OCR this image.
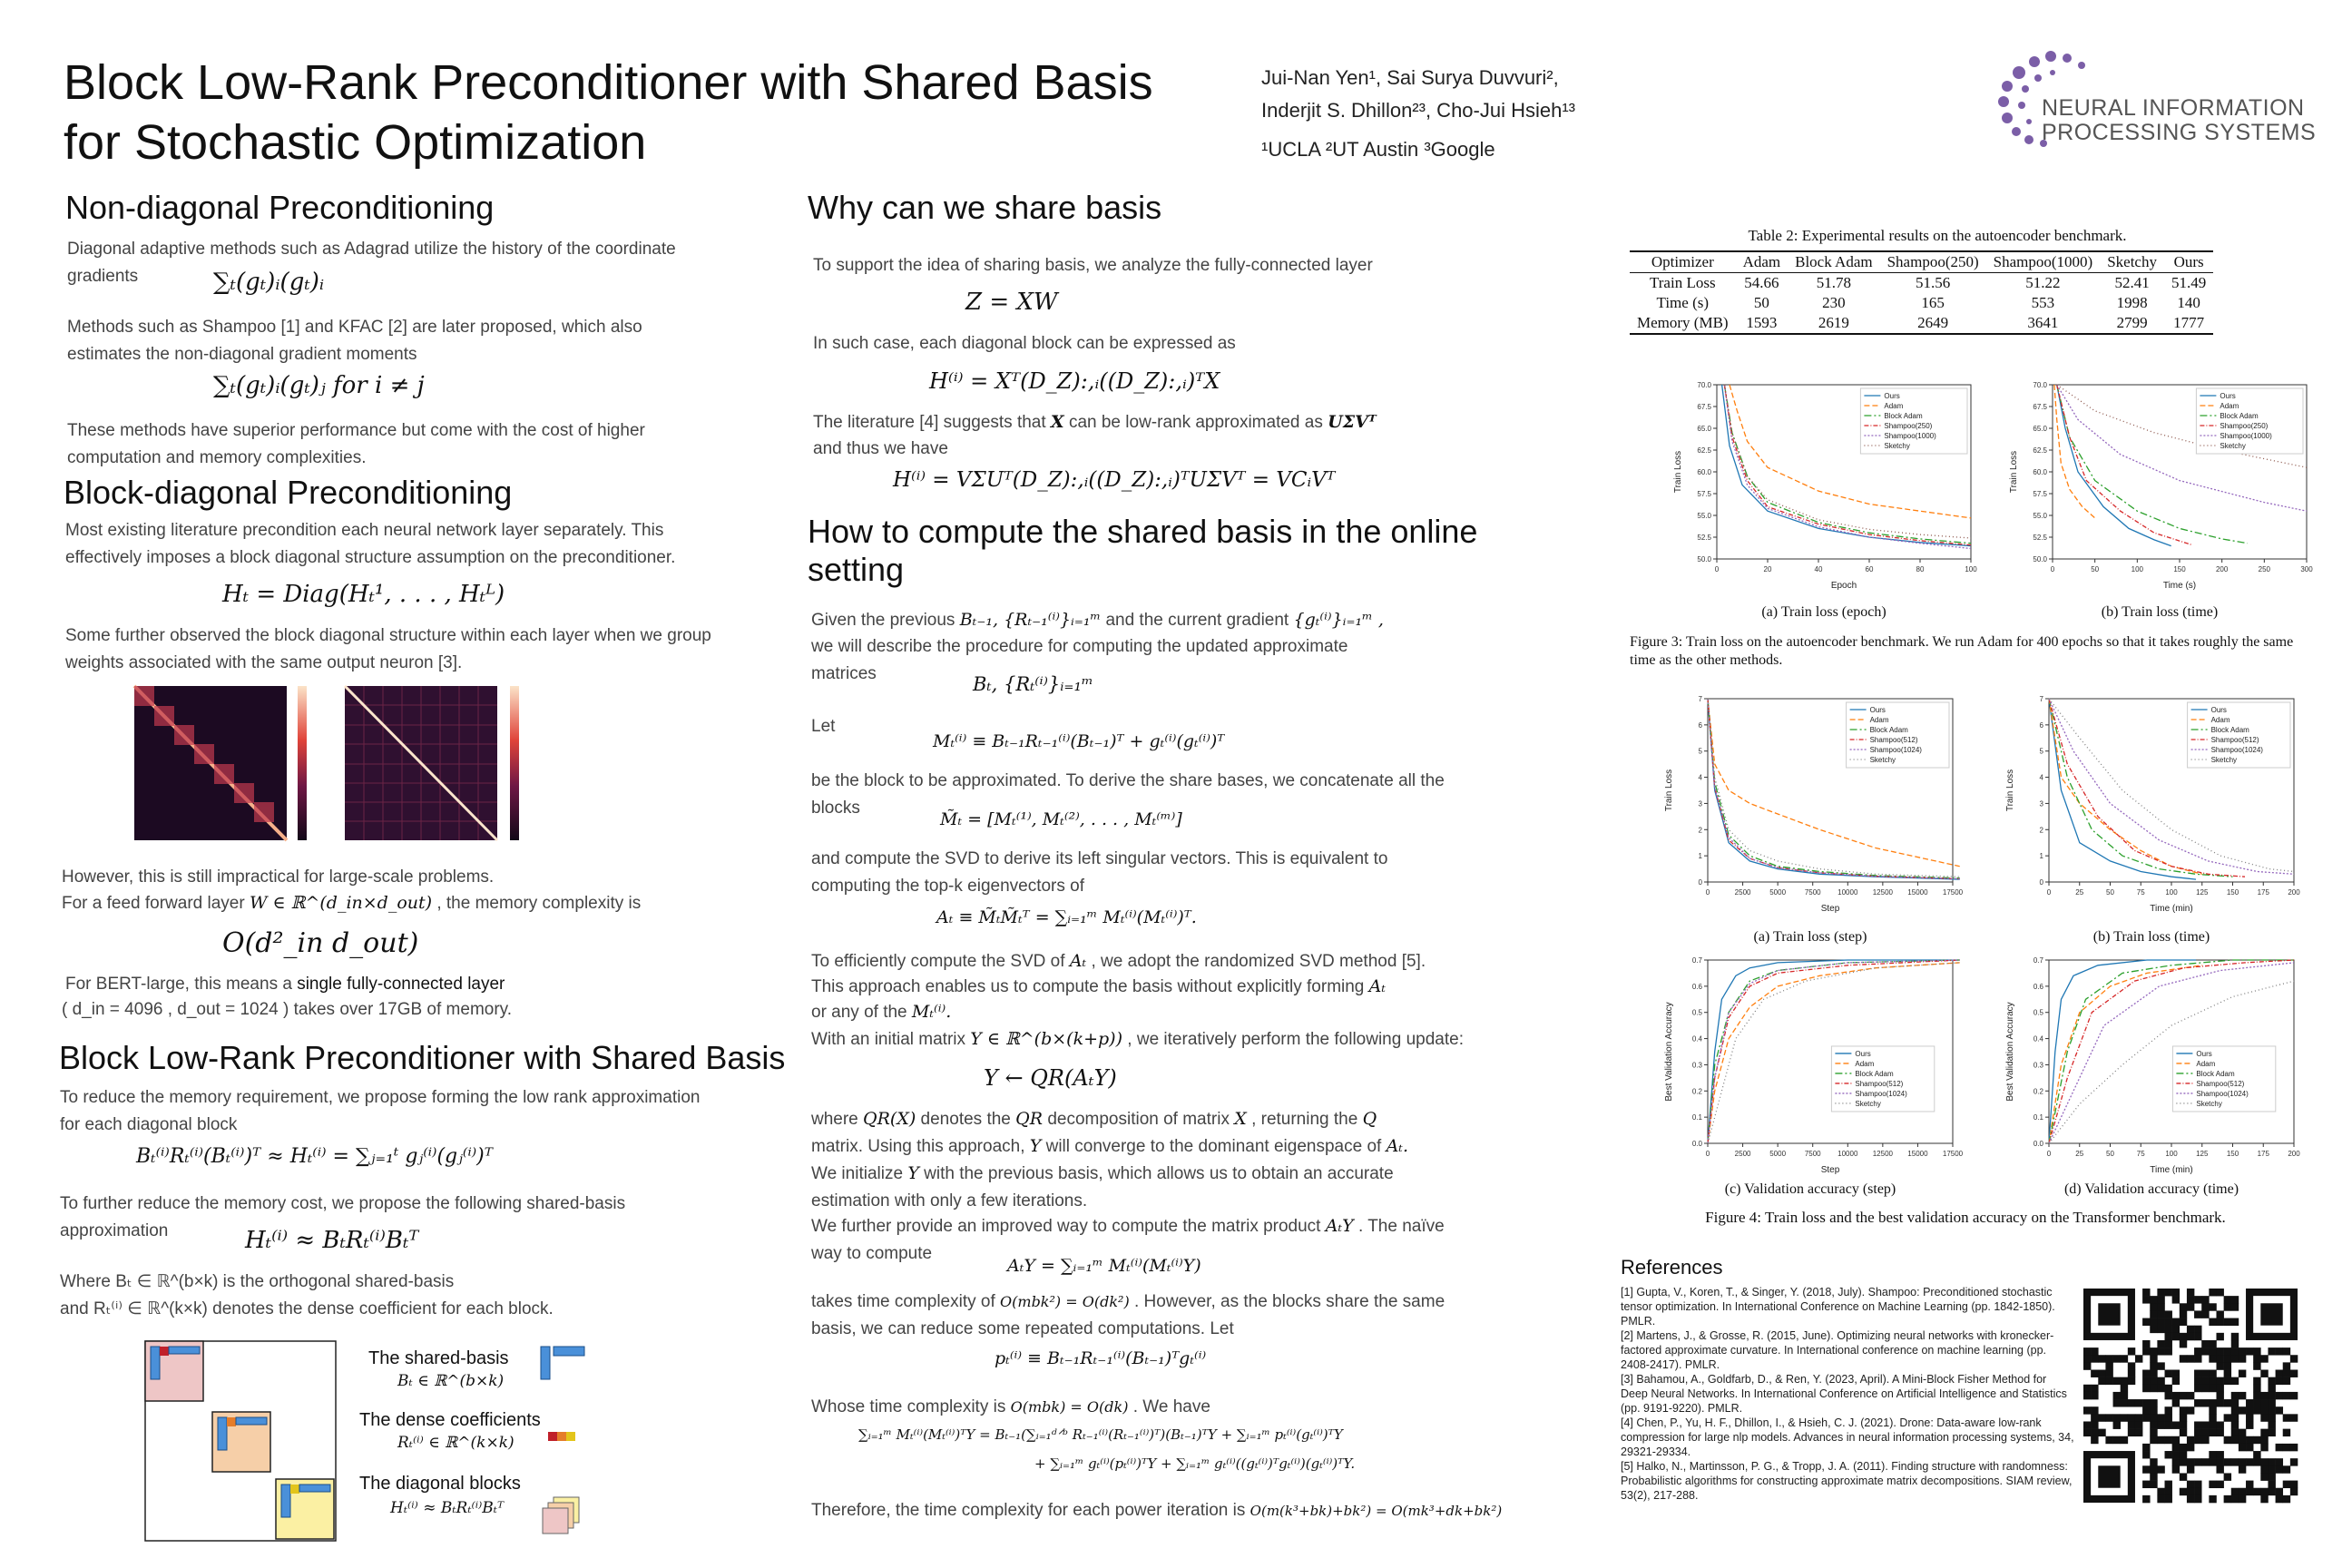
Block Low-Rank Preconditioner with Shared Basis for Stochastic Optimization
Jui-Nan Yen¹, Sai Surya Duvvuri²,
Inderjit S. Dhillon²³, Cho-Jui Hsieh¹³
¹UCLA ²UT Austin ³Google
NEURAL INFORMATION
PROCESSING SYSTEMS
Non-diagonal Preconditioning
Diagonal adaptive methods such as Adagrad utilize the history of the coordinate gradients	∑ₜ(gₜ)ᵢ(gₜ)ᵢ
Methods such as Shampoo [1] and KFAC [2] are later proposed, which also estimates the non-diagonal gradient moments
∑ₜ(gₜ)ᵢ(gₜ)ⱼ for i ≠ j
These methods have superior performance but come with the cost of higher computation and memory complexities.
Block-diagonal Preconditioning
Most existing literature precondition each neural network layer separately. This effectively imposes a block diagonal structure assumption on the preconditioner.
Hₜ = Diag(Hₜ¹, . . . , Hₜᴸ)
Some further observed the block diagonal structure within each layer when we group weights associated with the same output neuron [3].
However, this is still impractical for large-scale problems.
For a feed forward layer W ∈ ℝ^(d_in×d_out) , the memory complexity is
O(d²_in d_out)
For BERT-large, this means a single fully-connected layer
( d_in = 4096 , d_out = 1024 ) takes over 17GB of memory.
Block Low-Rank Preconditioner with Shared Basis
To reduce the memory requirement, we propose forming the low rank approximation for each diagonal block
Bₜ⁽ⁱ⁾Rₜ⁽ⁱ⁾(Bₜ⁽ⁱ⁾)ᵀ ≈ Hₜ⁽ⁱ⁾ = ∑ⱼ₌₁ᵗ gⱼ⁽ⁱ⁾(gⱼ⁽ⁱ⁾)ᵀ
To further reduce the memory cost, we propose the following shared-basis approximation	Hₜ⁽ⁱ⁾ ≈ BₜRₜ⁽ⁱ⁾Bₜᵀ
Where Bₜ ∈ ℝ^(b×k) is the orthogonal shared-basis
and Rₜ⁽ⁱ⁾ ∈ ℝ^(k×k) denotes the dense coefficient for each block.
The shared-basis
Bₜ ∈ ℝ^(b×k)
The dense coefficients
Rₜ⁽ⁱ⁾ ∈ ℝ^(k×k)
The diagonal blocks
Hₜ⁽ⁱ⁾ ≈ BₜRₜ⁽ⁱ⁾Bₜᵀ
Why can we share basis
To support the idea of sharing basis, we analyze the fully-connected layer
Z = XW
In such case, each diagonal block can be expressed as
H⁽ⁱ⁾ = Xᵀ(D_Z):,ᵢ((D_Z):,ᵢ)ᵀX
The literature [4] suggests that X can be low-rank approximated as UΣVᵀ
and thus we have
H⁽ⁱ⁾ = VΣUᵀ(D_Z):,ᵢ((D_Z):,ᵢ)ᵀUΣVᵀ = VCᵢVᵀ
How to compute the shared basis in the online setting
Given the previous Bₜ₋₁, {Rₜ₋₁⁽ⁱ⁾}ᵢ₌₁ᵐ and the current gradient {gₜ⁽ⁱ⁾}ᵢ₌₁ᵐ ,
we will describe the procedure for computing the updated approximate matrices	Bₜ, {Rₜ⁽ⁱ⁾}ᵢ₌₁ᵐ
Let
Mₜ⁽ⁱ⁾ ≡ Bₜ₋₁Rₜ₋₁⁽ⁱ⁾(Bₜ₋₁)ᵀ + gₜ⁽ⁱ⁾(gₜ⁽ⁱ⁾)ᵀ
be the block to be approximated. To derive the share bases, we concatenate all the blocks
M̃ₜ = [Mₜ⁽¹⁾, Mₜ⁽²⁾, . . . , Mₜ⁽ᵐ⁾]
and compute the SVD to derive its left singular vectors. This is equivalent to computing the top-k eigenvectors of
Aₜ ≡ M̃ₜM̃ₜᵀ = ∑ᵢ₌₁ᵐ Mₜ⁽ⁱ⁾(Mₜ⁽ⁱ⁾)ᵀ.
To efficiently compute the SVD of Aₜ , we adopt the randomized SVD method [5].
This approach enables us to compute the basis without explicitly forming Aₜ
or any of the Mₜ⁽ⁱ⁾.
With an initial matrix Y ∈ ℝ^(b×(k+p)) , we iteratively perform the following update:
Y ← QR(AₜY)
where QR(X) denotes the QR decomposition of matrix X , returning the Q
matrix. Using this approach, Y will converge to the dominant eigenspace of Aₜ.
We initialize Y with the previous basis, which allows us to obtain an accurate estimation with only a few iterations.
We further provide an improved way to compute the matrix product AₜY . The naïve way to compute
AₜY = ∑ᵢ₌₁ᵐ Mₜ⁽ⁱ⁾(Mₜ⁽ⁱ⁾Y)
takes time complexity of O(mbk²) = O(dk²) . However, as the blocks share the same basis, we can reduce some repeated computations. Let
pₜ⁽ⁱ⁾ ≡ Bₜ₋₁Rₜ₋₁⁽ⁱ⁾(Bₜ₋₁)ᵀgₜ⁽ⁱ⁾
Whose time complexity is O(mbk) = O(dk) . We have
∑ᵢ₌₁ᵐ Mₜ⁽ⁱ⁾(Mₜ⁽ⁱ⁾)ᵀY = Bₜ₋₁(∑ᵢ₌₁ᵈᐟᵇ Rₜ₋₁⁽ⁱ⁾(Rₜ₋₁⁽ⁱ⁾)ᵀ)(Bₜ₋₁)ᵀY + ∑ᵢ₌₁ᵐ pₜ⁽ⁱ⁾(gₜ⁽ⁱ⁾)ᵀY
+ ∑ᵢ₌₁ᵐ gₜ⁽ⁱ⁾(pₜ⁽ⁱ⁾)ᵀY + ∑ᵢ₌₁ᵐ gₜ⁽ⁱ⁾((gₜ⁽ⁱ⁾)ᵀgₜ⁽ⁱ⁾)(gₜ⁽ⁱ⁾)ᵀY.
Therefore, the time complexity for each power iteration is O(m(k³+bk)+bk²) = O(mk³+dk+bk²)
Table 2: Experimental results on the autoencoder benchmark.
Optimizer	Adam	Block Adam	Shampoo(250)	Shampoo(1000)	Sketchy	Ours
Train Loss	54.66	51.78	51.56	51.22	52.41	51.49
Time (s)	50	230	165	553	1998	140
Memory (MB)	1593	2619	2649	3641	2799	1777
0	20	40	60	80	100
50.0
52.5
55.0
57.5
60.0
62.5
65.0
67.5
70.0
Epoch
Train Loss
Ours
Adam
Block Adam
Shampoo(250)
Shampoo(1000)
Sketchy
0	50	100	150	200	250	300
50.0
52.5
55.0
57.5
60.0
62.5
65.0
67.5
70.0
Time (s)
Train Loss
Ours
Adam
Block Adam
Shampoo(250)
Shampoo(1000)
Sketchy
(a) Train loss (epoch)	(b) Train loss (time)
Figure 3: Train loss on the autoencoder benchmark. We run Adam for 400 epochs so that it takes roughly the same time as the other methods.
0	2500	5000	7500 10000 12500 15000 17500
0
1
2
3
4
5
6
7
Step
Train Loss
Ours
Adam
Block Adam
Shampoo(512)
Shampoo(1024)
Sketchy
0	25	50	75	100	125	150	175	200
0
1
2
3
4
5
6
7
Time (min)
Train Loss
Ours
Adam
Block Adam
Shampoo(512)
Shampoo(1024)
Sketchy
(a) Train loss (step)	(b) Train loss (time)
0	2500	5000	7500 10000 12500 15000 17500
0.0
0.1
0.2
0.3
0.4
0.5
0.6
0.7
Step
Best Validation Accuracy	Ours
Adam
Block Adam
Shampoo(512)
Shampoo(1024)
Sketchy
0	25	50	75	100	125	150	175	200
0.0
0.1
0.2
0.3
0.4
0.5
0.6
0.7
Time (min)
Best Validation Accuracy	Ours
Adam
Block Adam
Shampoo(512)
Shampoo(1024)
Sketchy
(c) Validation accuracy (step)	(d) Validation accuracy (time)
Figure 4: Train loss and the best validation accuracy on the Transformer benchmark.
References
[1] Gupta, V., Koren, T., & Singer, Y. (2018, July). Shampoo: Preconditioned stochastic tensor optimization. In International Conference on Machine Learning (pp. 1842-1850). PMLR.
[2] Martens, J., & Grosse, R. (2015, June). Optimizing neural networks with kronecker-factored approximate curvature. In International conference on machine learning (pp. 2408-2417). PMLR.
[3] Bahamou, A., Goldfarb, D., & Ren, Y. (2023, April). A Mini-Block Fisher Method for Deep Neural Networks. In International Conference on Artificial Intelligence and Statistics (pp. 9191-9220). PMLR.
[4] Chen, P., Yu, H. F., Dhillon, I., & Hsieh, C. J. (2021). Drone: Data-aware low-rank compression for large nlp models. Advances in neural information processing systems, 34, 29321-29334.
[5] Halko, N., Martinsson, P. G., & Tropp, J. A. (2011). Finding structure with randomness: Probabilistic algorithms for constructing approximate matrix decompositions. SIAM review, 53(2), 217-288.
